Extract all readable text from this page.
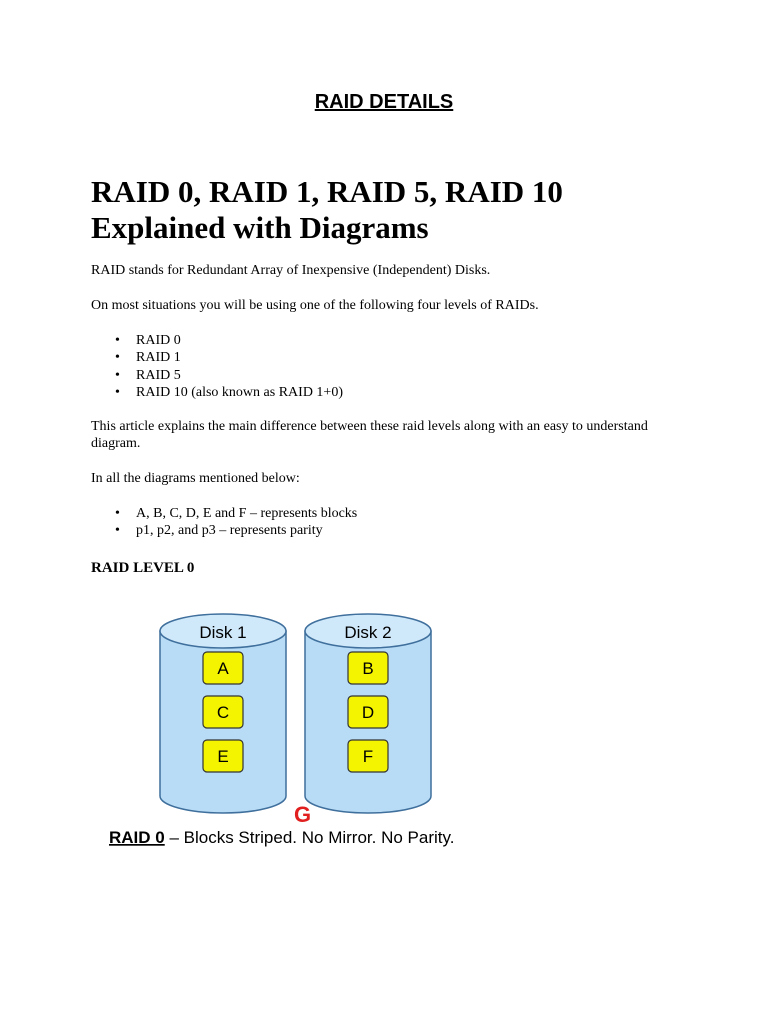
RAID DETAILS
RAID 0, RAID 1, RAID 5, RAID 10
Explained with Diagrams
RAID stands for Redundant Array of Inexpensive (Independent) Disks.
On most situations you will be using one of the following four levels of RAIDs.
• RAID 0
• RAID 1
• RAID 5
• RAID 10 (also known as RAID 1+0)
This article explains the main difference between these raid levels along with an easy to understand diagram.
In all the diagrams mentioned below:
• A, B, C, D, E and F – represents blocks
• p1, p2, and p3 – represents parity
RAID LEVEL 0
Disk 1
A
C
E
Disk 2
B
D
F
G
RAID 0 – Blocks Striped. No Mirror. No Parity.
